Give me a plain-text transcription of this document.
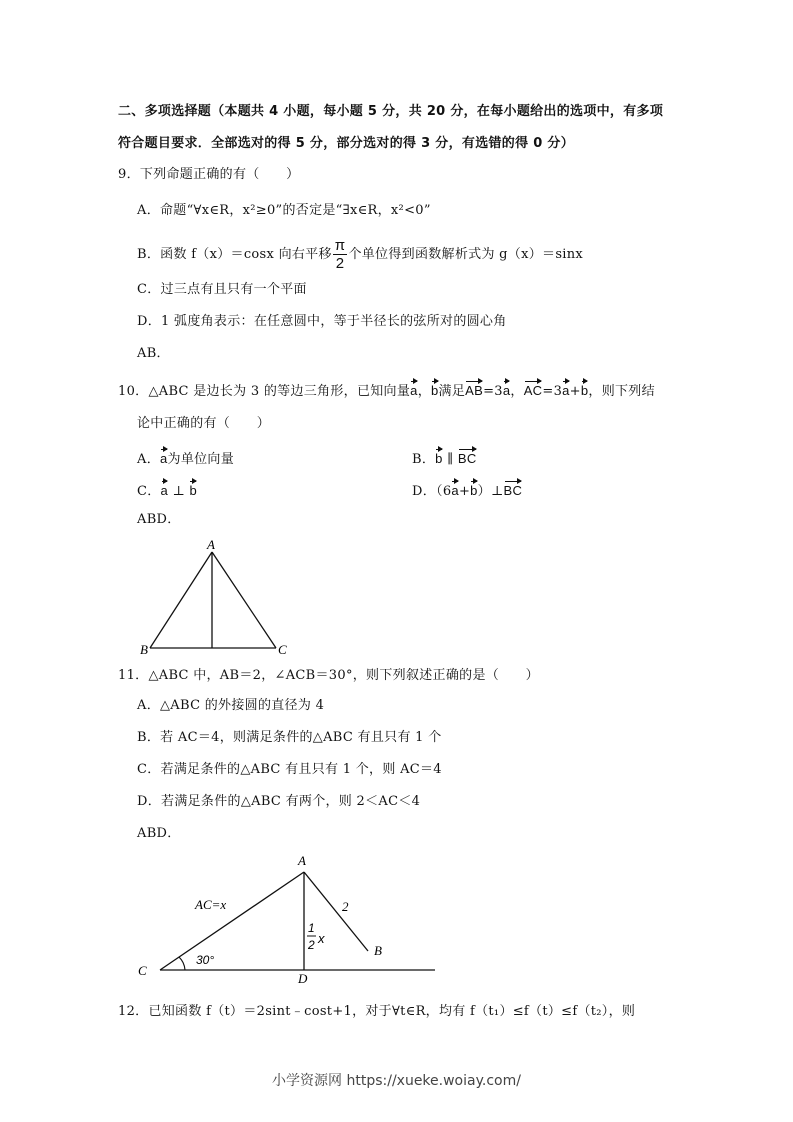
二、多项选择题（本题共 4 小题，每小题 5 分，共 20 分，在每小题给出的选项中，有多项
符合题目要求．全部选对的得 5 分，部分选对的得 3 分，有选错的得 0 分）
9．下列命题正确的有（　　）
A．命题“∀x∈R，x²≥0”的否定是“∃x∈R，x²<0”
B．函数 f（x）＝cosx 向右平移 $\frac{\pi}{2}$ 个单位得到函数解析式为 g（x）＝sinx
C．过三点有且只有一个平面
D．1 弧度角表示：在任意圆中，等于半径长的弦所对的圆心角
AB．
10．△ABC 是边长为 3 的等边三角形，已知向量a，b满足AB=3a，AC=3a+b，则下列结
论中正确的有（　　）
A．a为单位向量	B．b ∥ BC
C．a ⊥ b	D．（6a+b）⊥BC
ABD．
A
B	C
11．△ABC 中，AB＝2，∠ACB＝30°，则下列叙述正确的是（　　）
A．△ABC 的外接圆的直径为 4
B．若 AC＝4，则满足条件的△ABC 有且只有 1 个
C．若满足条件的△ABC 有且只有 1 个，则 AC＝4
D．若满足条件的△ABC 有两个，则 2＜AC＜4
ABD．
A
C
D
B
AC=x	2
30°
1
2 x
12．已知函数 f（t）＝2sint﹣cost+1，对于∀t∈R，均有 f（t₁）≤f（t）≤f（t₂），则
小学资源网 https://xueke.woiay.com/
